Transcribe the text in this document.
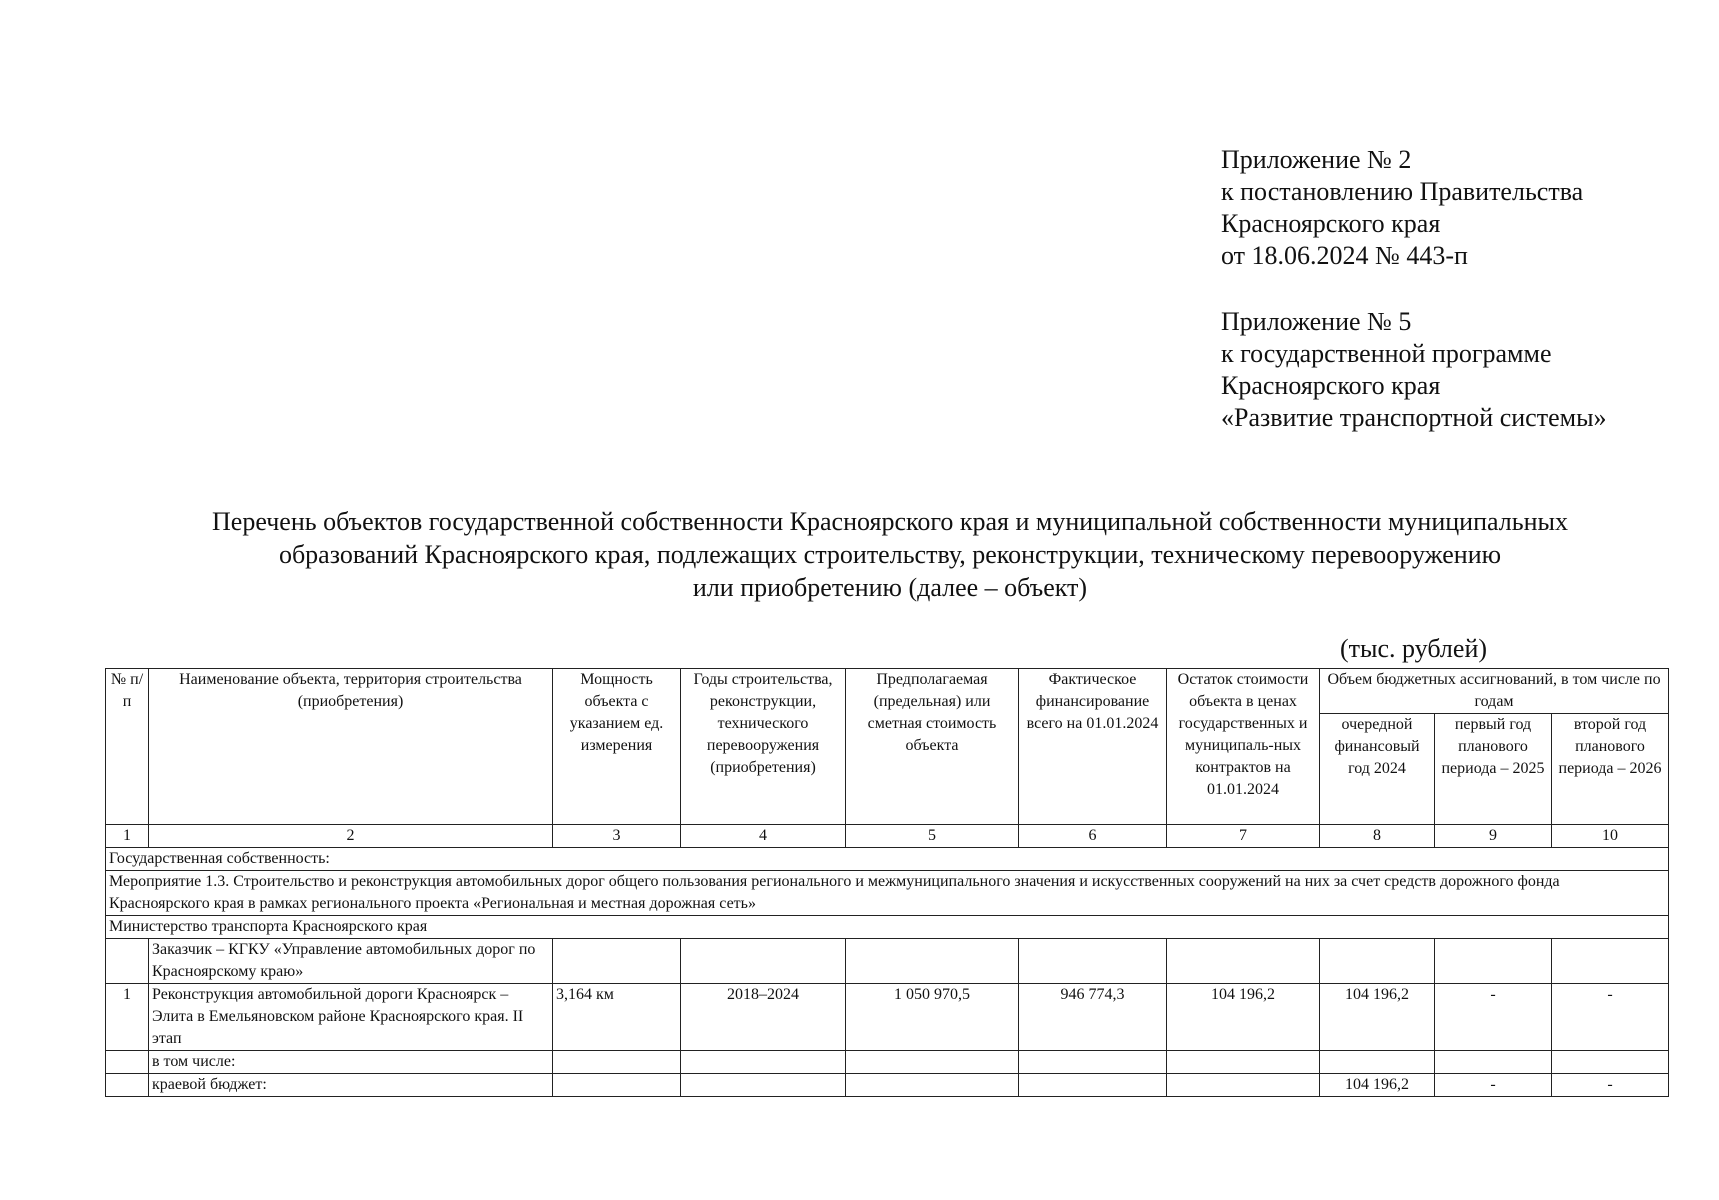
Приложение № 2
к постановлению Правительства
Красноярского края
от 18.06.2024 № 443-п
Приложение № 5
к государственной программе
Красноярского края
«Развитие транспортной системы»
Перечень объектов государственной собственности Красноярского края и муниципальной собственности муниципальных
образований Красноярского края, подлежащих строительству, реконструкции, техническому перевооружению
или приобретению (далее – объект)
(тыс. рублей)
№ п/п	Наименование объекта, территория строительства (приобретения)	Мощность объекта с указанием ед. измерения	Годы строительства, реконструкции, технического перевооружения (приобретения)	Предполагаемая (предельная) или сметная стоимость объекта	Фактическое финансирование всего на 01.01.2024	Остаток стоимости объекта в ценах государственных и муниципаль-ных контрактов на 01.01.2024	Объем бюджетных ассигнований, в том числе по годам		
							очередной финансовый год 2024	первый год планового периода – 2025	второй год планового периода – 2026
1	2	3	4	5	6	7	8	9	10
Государственная собственность:									
Мероприятие 1.3. Строительство и реконструкция автомобильных дорог общего пользования регионального и межмуниципального значения и искусственных сооружений на них за счет средств дорожного фонда Красноярского края в рамках регионального проекта «Региональная и местная дорожная сеть»									
Министерство транспорта Красноярского края									
	Заказчик – КГКУ «Управление автомобильных дорог по Красноярскому краю»								
1	Реконструкция автомобильной дороги Красноярск – Элита в Емельяновском районе Красноярского края. II этап	3,164 км	2018–2024	1 050 970,5	946 774,3	104 196,2	104 196,2	-	-
	в том числе:								
	краевой бюджет:						104 196,2	-	-
